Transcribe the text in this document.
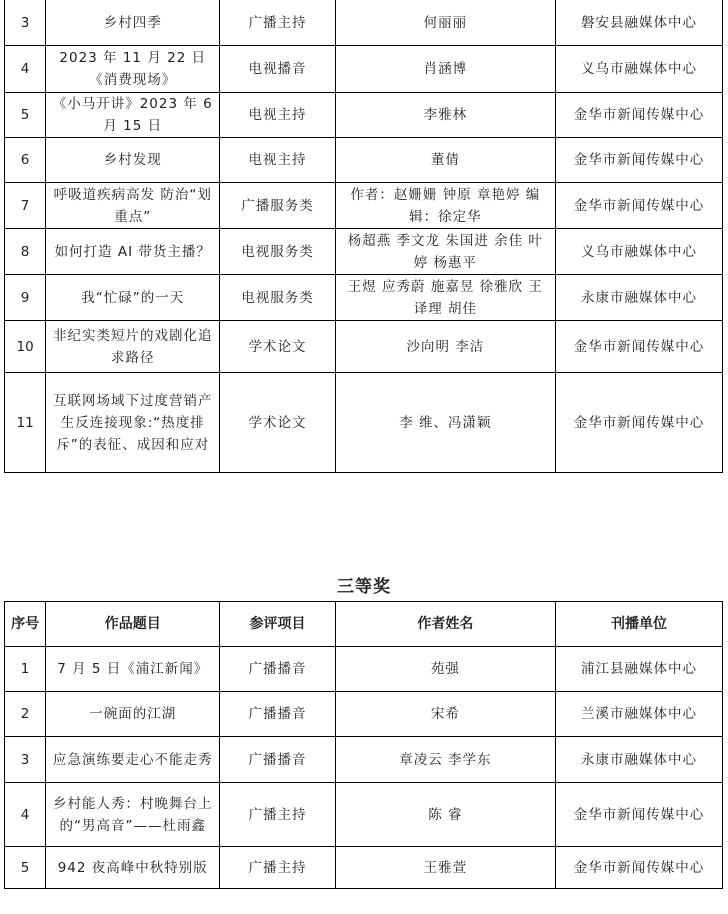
3	乡村四季	广播主持	何丽丽	磐安县融媒体中心
4	2023 年 11 月 22 日《消费现场》	电视播音	肖涵博	义乌市融媒体中心
5	《小马开讲》2023 年 6 月 15 日	电视主持	李雅林	金华市新闻传媒中心
6	乡村发现	电视主持	董倩	金华市新闻传媒中心
7	呼吸道疾病高发 防治“划重点”	广播服务类	作者：赵姗姗 钟原 章艳婷 编辑：徐定华	金华市新闻传媒中心
8	如何打造 AI 带货主播？	电视服务类	杨超燕 季文龙 朱国进 余佳 叶婷 杨惠平	义乌市融媒体中心
9	我“忙碌”的一天	电视服务类	王煜 应秀蔚 施嘉昱 徐雅欣 王译理 胡佳	永康市融媒体中心
10	非纪实类短片的戏剧化追求路径	学术论文	沙向明 李洁	金华市新闻传媒中心
11	互联网场域下过度营销产生反连接现象:“热度排斥”的表征、成因和应对	学术论文	李 维、冯潇颖	金华市新闻传媒中心
三等奖
序号	作品题目	参评项目	作者姓名	刊播单位
1	7 月 5 日《浦江新闻》	广播播音	苑强	浦江县融媒体中心
2	一碗面的江湖	广播播音	宋希	兰溪市融媒体中心
3	应急演练要走心不能走秀	广播播音	章凌云 李学东	永康市融媒体中心
4	乡村能人秀：村晚舞台上的“男高音”——杜雨鑫	广播主持	陈 睿	金华市新闻传媒中心
5	942 夜高峰中秋特别版	广播主持	王雅萱	金华市新闻传媒中心
